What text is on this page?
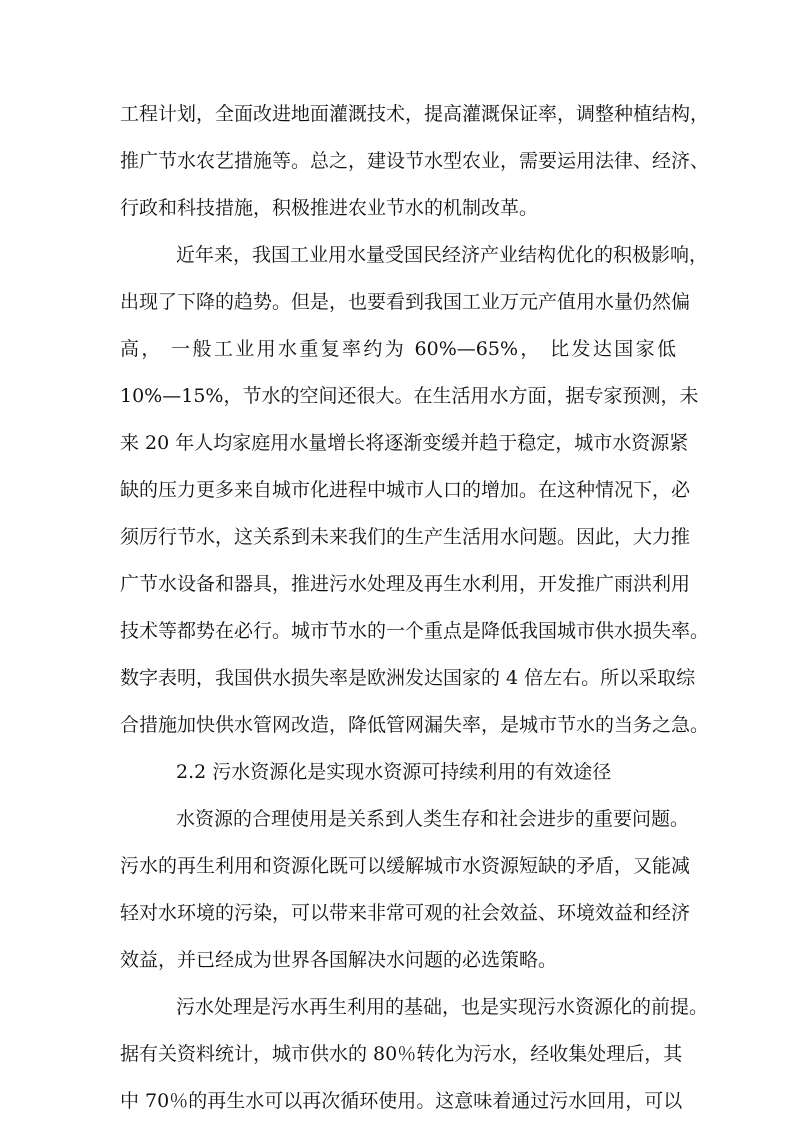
工程计划，全面改进地面灌溉技术，提高灌溉保证率，调整种植结构，
推广节水农艺措施等。总之，建设节水型农业，需要运用法律、经济、
行政和科技措施，积极推进农业节水的机制改革。
近年来，我国工业用水量受国民经济产业结构优化的积极影响，
出现了下降的趋势。但是，也要看到我国工业万元产值用水量仍然偏
高， 一般工业用水重复率约为 60%—65%， 比发达国家低
10%—15%，节水的空间还很大。在生活用水方面，据专家预测，未
来 20 年人均家庭用水量增长将逐渐变缓并趋于稳定，城市水资源紧
缺的压力更多来自城市化进程中城市人口的增加。在这种情况下，必
须厉行节水，这关系到未来我们的生产生活用水问题。因此，大力推
广节水设备和器具，推进污水处理及再生水利用，开发推广雨洪利用
技术等都势在必行。城市节水的一个重点是降低我国城市供水损失率。
数字表明，我国供水损失率是欧洲发达国家的 4 倍左右。所以采取综
合措施加快供水管网改造，降低管网漏失率，是城市节水的当务之急。
2.2 污水资源化是实现水资源可持续利用的有效途径
水资源的合理使用是关系到人类生存和社会进步的重要问题。
污水的再生利用和资源化既可以缓解城市水资源短缺的矛盾，又能减
轻对水环境的污染，可以带来非常可观的社会效益、环境效益和经济
效益，并已经成为世界各国解决水问题的必选策略。
污水处理是污水再生利用的基础，也是实现污水资源化的前提。
据有关资料统计，城市供水的 80％转化为污水，经收集处理后，其
中 70％的再生水可以再次循环使用。这意味着通过污水回用，可以
